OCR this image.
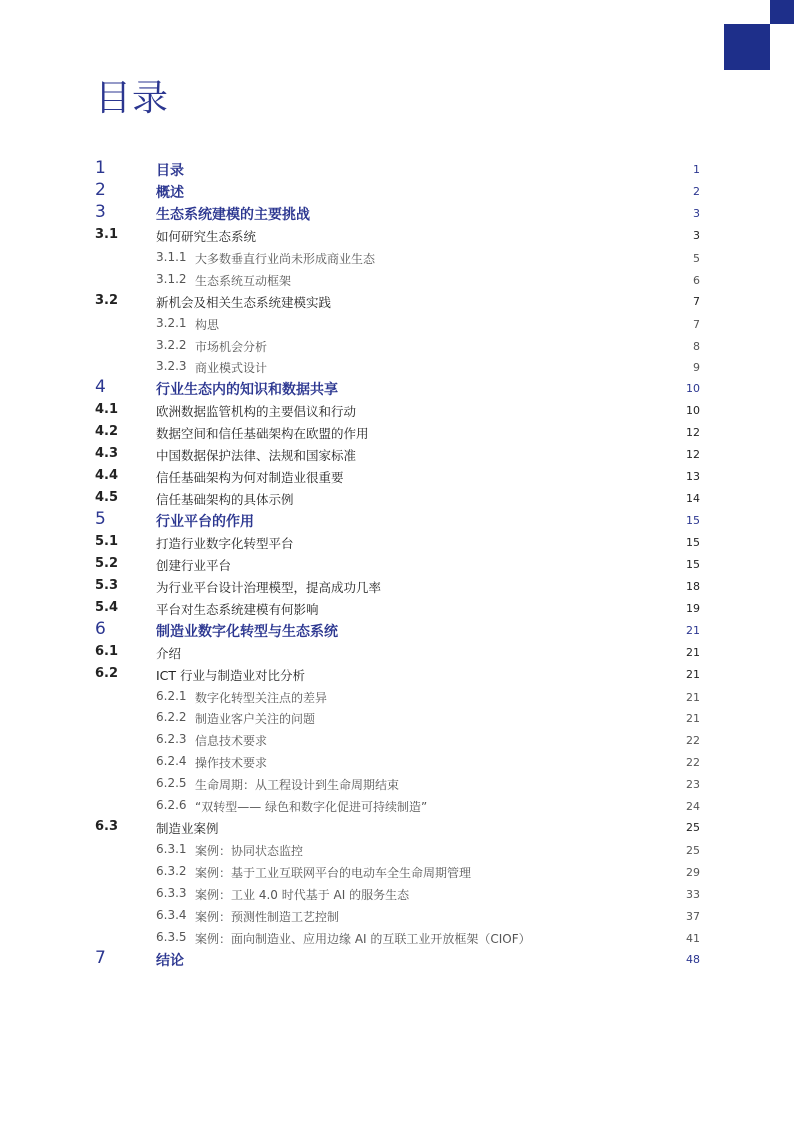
目录
1	目录	1
2	概述	2
3	生态系统建模的主要挑战	3
3.1	如何研究生态系统	3
3.1.1 大多数垂直行业尚未形成商业生态	5
3.1.2 生态系统互动框架	6
3.2	新机会及相关生态系统建模实践	7
3.2.1 构思	7
3.2.2 市场机会分析	8
3.2.3 商业模式设计	9
4	行业生态内的知识和数据共享	10
4.1	欧洲数据监管机构的主要倡议和行动	10
4.2	数据空间和信任基础架构在欧盟的作用	12
4.3	中国数据保护法律、法规和国家标准	12
4.4	信任基础架构为何对制造业很重要	13
4.5	信任基础架构的具体示例	14
5	行业平台的作用	15
5.1	打造行业数字化转型平台	15
5.2	创建行业平台	15
5.3	为行业平台设计治理模型，提高成功几率	18
5.4	平台对生态系统建模有何影响	19
6	制造业数字化转型与生态系统	21
6.1	介绍	21
6.2	ICT 行业与制造业对比分析	21
6.2.1 数字化转型关注点的差异	21
6.2.2 制造业客户关注的问题	21
6.2.3 信息技术要求	22
6.2.4 操作技术要求	22
6.2.5 生命周期：从工程设计到生命周期结束	23
6.2.6 “双转型—— 绿色和数字化促进可持续制造”	24
6.3	制造业案例	25
6.3.1 案例：协同状态监控	25
6.3.2 案例：基于工业互联网平台的电动车全生命周期管理	29
6.3.3 案例：工业 4.0 时代基于 AI 的服务生态	33
6.3.4 案例：预测性制造工艺控制	37
6.3.5 案例：面向制造业、应用边缘 AI 的互联工业开放框架（CIOF）	41
7	结论	48
